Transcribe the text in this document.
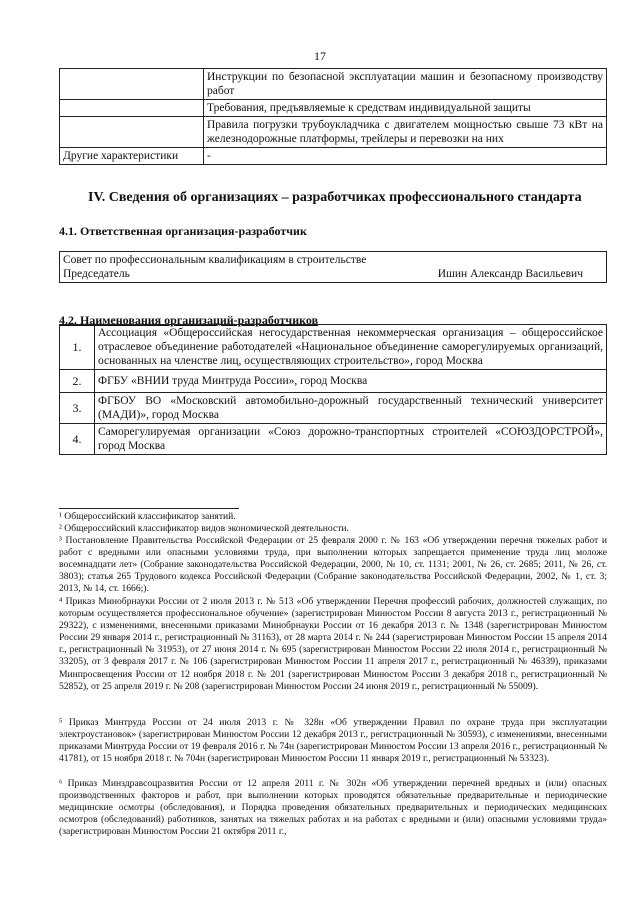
17
	Инструкции по безопасной эксплуатации машин и безопасному производству работ
	Требования, предъявляемые к средствам индивидуальной защиты
	Правила погрузки трубоукладчика с двигателем мощностью свыше 73 кВт на железнодорожные платформы, трейлеры и перевозки на них
Другие характеристики	-
IV. Сведения об организациях – разработчиках профессионального стандарта
4.1. Ответственная организация-разработчик
Совет по профессиональным квалификациям в строительстве
Председатель	Ишин Александр Васильевич
4.2. Наименования организаций-разработчиков
1.	Ассоциация «Общероссийская негосударственная некоммерческая организация – общероссийское отраслевое объединение работодателей «Национальное объединение саморегулируемых организаций, основанных на членстве лиц, осуществляющих строительство», город Москва
2.	ФГБУ «ВНИИ труда Минтруда России», город Москва
3.	ФГБОУ ВО «Московский автомобильно-дорожный государственный технический университет (МАДИ)», город Москва
4.	Саморегулируемая организации «Союз дорожно-транспортных строителей «СОЮЗДОРСТРОЙ», город Москва
¹ Общероссийский классификатор занятий.
² Общероссийский классификатор видов экономической деятельности.
³ Постановление Правительства Российской Федерации от 25 февраля 2000 г. № 163 «Об утверждении перечня тяжелых работ и работ с вредными или опасными условиями труда, при выполнении которых запрещается применение труда лиц моложе восемнадцати лет» (Собрание законодательства Российской Федерации, 2000, № 10, ст. 1131; 2001, № 26, ст. 2685; 2011, № 26, ст. 3803); статья 265 Трудового кодекса Российской Федерации (Собрание законодательства Российской Федерации, 2002, № 1, ст. 3; 2013, № 14, ст. 1666;).
⁴ Приказ Минобрнауки России от 2 июля 2013 г. № 513 «Об утверждении Перечня профессий рабочих, должностей служащих, по которым осуществляется профессиональное обучение» (зарегистрирован Минюстом России 8 августа 2013 г., регистрационный № 29322), с изменениями, внесенными приказами Минобрнауки России от 16 декабря 2013 г. № 1348 (зарегистрирован Минюстом России 29 января 2014 г., регистрационный № 31163), от 28 марта 2014 г. № 244 (зарегистрирован Минюстом России 15 апреля 2014 г., регистрационный № 31953), от 27 июня 2014 г. № 695 (зарегистрирован Минюстом России 22 июля 2014 г., регистрационный № 33205), от 3 февраля 2017 г. № 106 (зарегистрирован Минюстом России 11 апреля 2017 г., регистрационный № 46339), приказами Минпросвещения России от 12 ноября 2018 г. № 201 (зарегистрирован Минюстом России 3 декабря 2018 г., регистрационный № 52852), от 25 апреля 2019 г. № 208 (зарегистрирован Минюстом России 24 июня 2019 г., регистрационный № 55009).
⁵ Приказ Минтруда России от 24 июля 2013 г. № 328н «Об утверждении Правил по охране труда при эксплуатации электроустановок» (зарегистрирован Минюстом России 12 декабря 2013 г., регистрационный № 30593), с изменениями, внесенными приказами Минтруда России от 19 февраля 2016 г. № 74н (зарегистрирован Минюстом России 13 апреля 2016 г., регистрационный № 41781), от 15 ноября 2018 г. № 704н (зарегистрирован Минюстом России 11 января 2019 г., регистрационный № 53323).
⁶ Приказ Минздравсоцразвития России от 12 апреля 2011 г. № 302н «Об утверждении перечней вредных и (или) опасных производственных факторов и работ, при выполнении которых проводятся обязательные предварительные и периодические медицинские осмотры (обследования), и Порядка проведения обязательных предварительных и периодических медицинских осмотров (обследований) работников, занятых на тяжелых работах и на работах с вредными и (или) опасными условиями труда» (зарегистрирован Минюстом России 21 октября 2011 г.,
